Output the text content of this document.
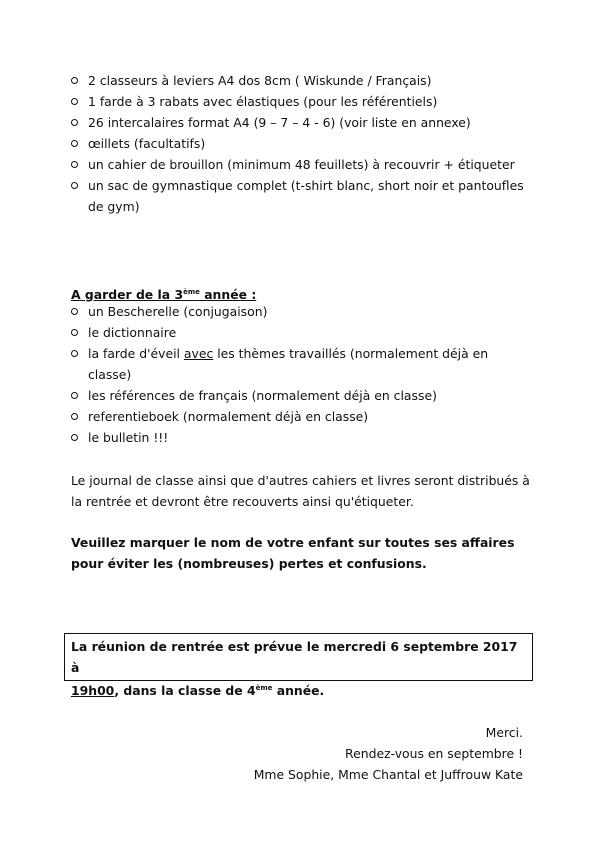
2 classeurs à leviers A4 dos 8cm ( Wiskunde / Français)
1 farde à 3 rabats avec élastiques (pour les référentiels)
26 intercalaires format A4 (9 – 7 – 4 - 6) (voir liste en annexe)
œillets (facultatifs)
un cahier de brouillon (minimum 48 feuillets) à recouvrir + étiqueter
un sac de gymnastique complet (t-shirt blanc, short noir et pantoufles de gym)
A garder de la 3ème année :
un Bescherelle (conjugaison)
le dictionnaire
la farde d'éveil avec les thèmes travaillés (normalement déjà en classe)
les références de français (normalement déjà en classe)
referentieboek (normalement déjà en classe)
le bulletin !!!
Le journal de classe ainsi que d'autres cahiers et livres seront distribués à la rentrée et devront être recouverts ainsi qu'étiqueter.
Veuillez marquer le nom de votre enfant sur toutes ses affaires pour éviter les (nombreuses) pertes et confusions.
La réunion de rentrée est prévue le mercredi 6 septembre 2017 à
19h00, dans la classe de 4ème année.
Merci.
Rendez-vous en septembre !
Mme Sophie, Mme Chantal et Juffrouw Kate
